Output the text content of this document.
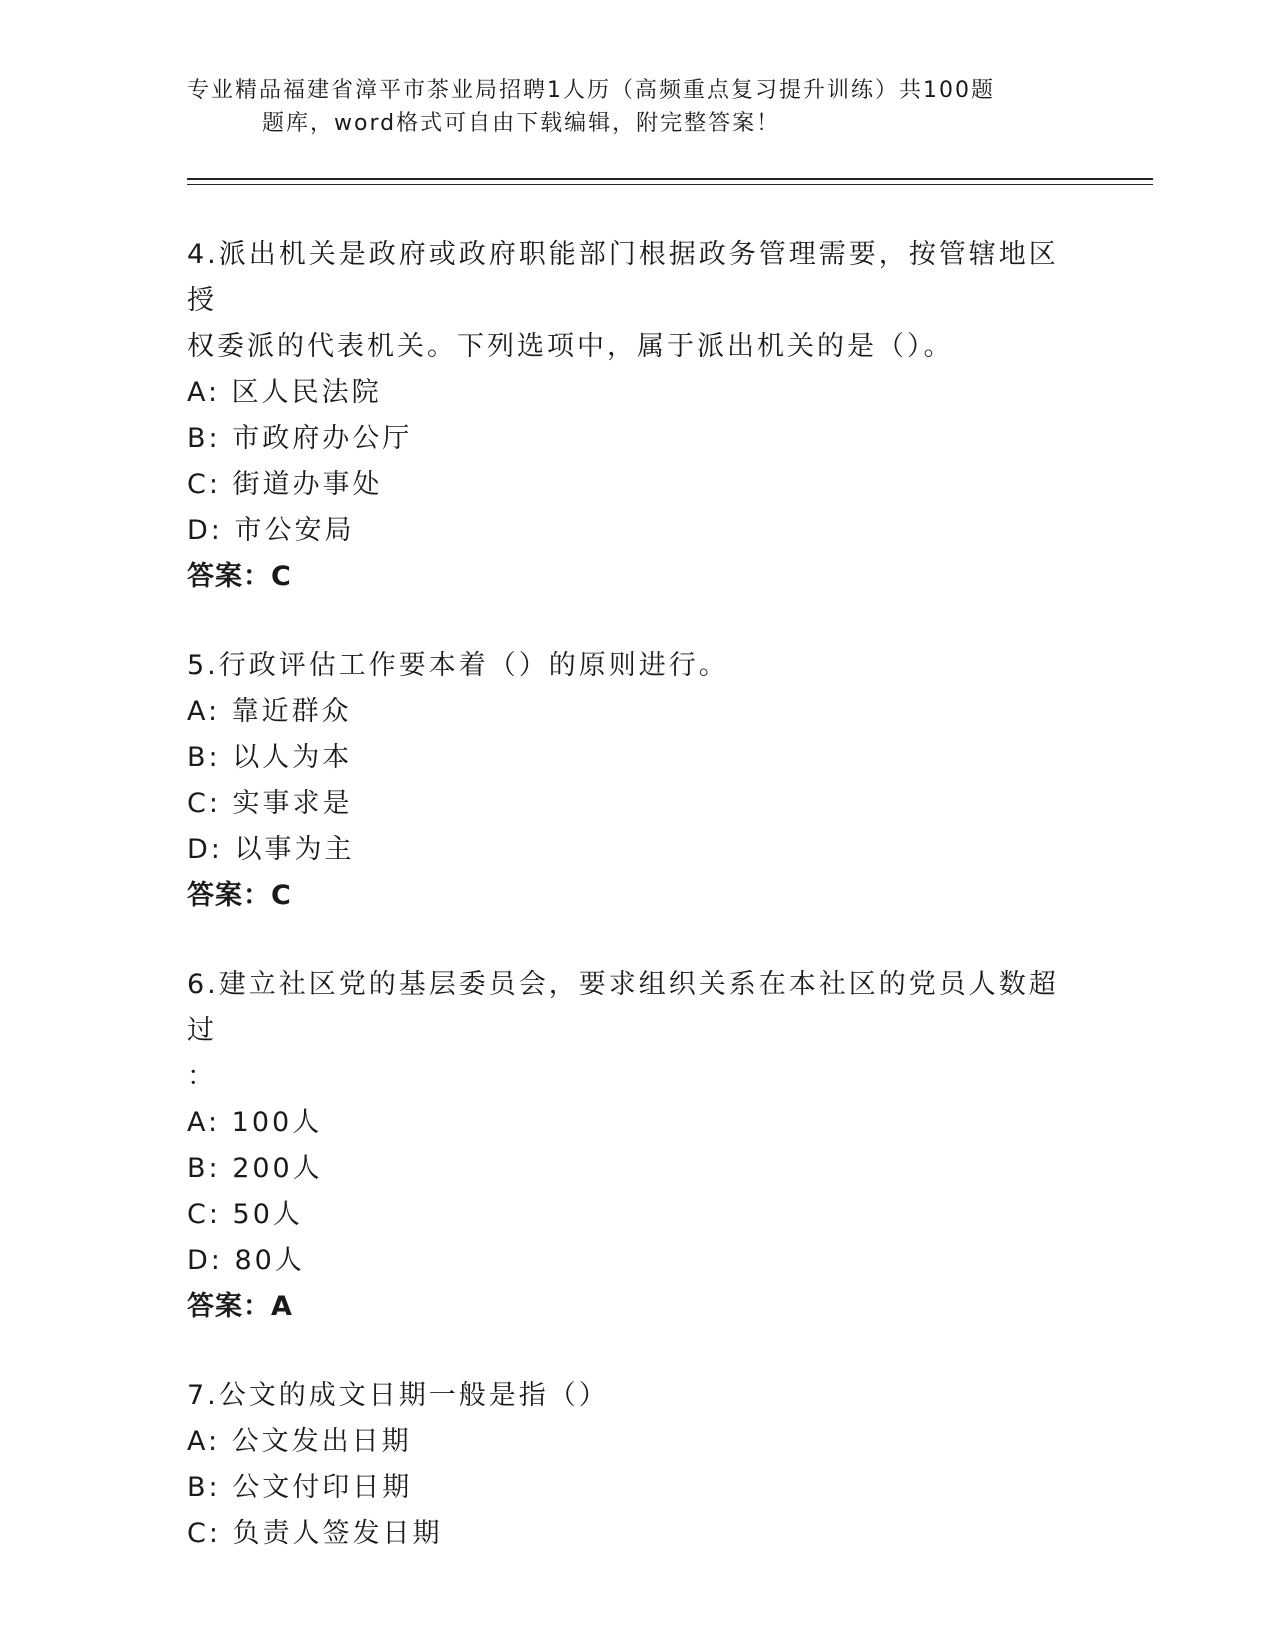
专业精品福建省漳平市茶业局招聘1人历（高频重点复习提升训练）共100题
题库，word格式可自由下载编辑，附完整答案！
4.派出机关是政府或政府职能部门根据政务管理需要，按管辖地区授
权委派的代表机关。下列选项中，属于派出机关的是（）。
A: 区人民法院
B: 市政府办公厅
C: 街道办事处
D: 市公安局
答案：C
5.行政评估工作要本着（）的原则进行。
A: 靠近群众
B: 以人为本
C: 实事求是
D: 以事为主
答案：C
6.建立社区党的基层委员会，要求组织关系在本社区的党员人数超过
：
A: 100人
B: 200人
C: 50人
D: 80人
答案：A
7.公文的成文日期一般是指（）
A: 公文发出日期
B: 公文付印日期
C: 负责人签发日期
